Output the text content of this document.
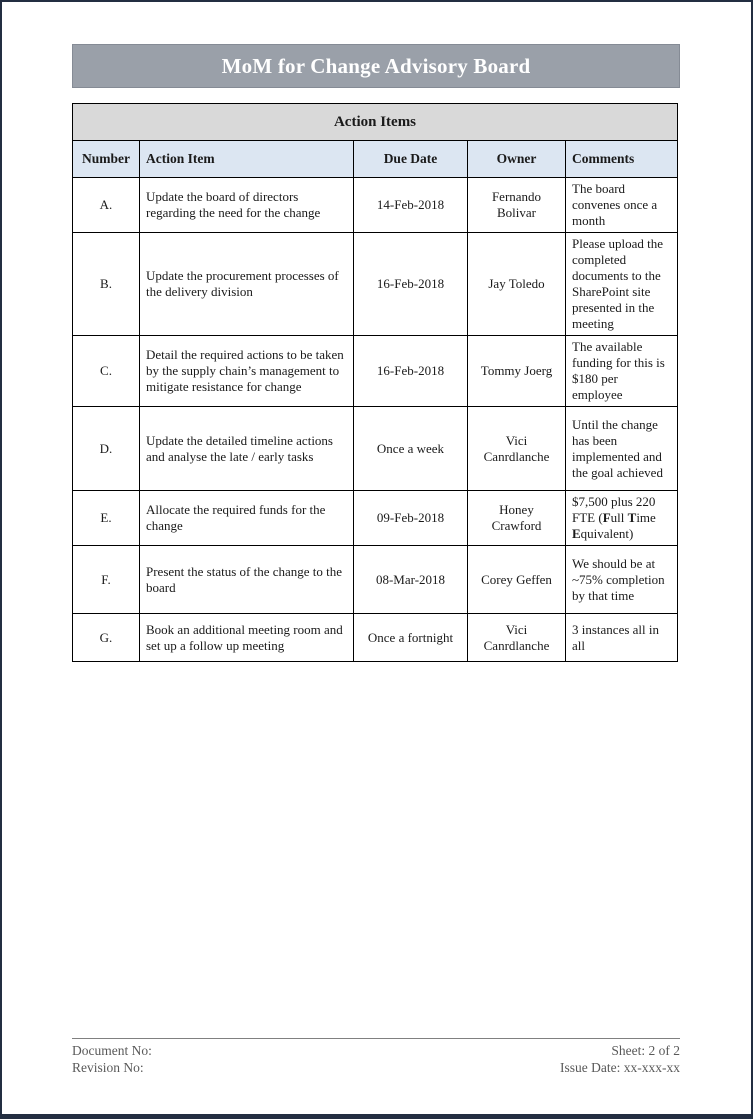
MoM for Change Advisory Board
Action Items				
Number	Action Item	Due Date	Owner	Comments
A.	Update the board of directors regarding the need for the change	14-Feb-2018	Fernando Bolivar	The board convenes once a month
B.	Update the procurement processes of the delivery division	16-Feb-2018	Jay Toledo	Please upload the completed documents to the SharePoint site presented in the meeting
C.	Detail the required actions to be taken by the supply chain’s management to mitigate resistance for change	16-Feb-2018	Tommy Joerg	The available funding for this is $180 per employee
D.	Update the detailed timeline actions and analyse the late / early tasks	Once a week	Vici Canrdlanche	Until the change has been implemented and the goal achieved
E.	Allocate the required funds for the change	09-Feb-2018	Honey Crawford	$7,500 plus 220 FTE (Full Time Equivalent)
F.	Present the status of the change to the board	08-Mar-2018	Corey Geffen	We should be at ~75% completion by that time
G.	Book an additional meeting room and set up a follow up meeting	Once a fortnight	Vici Canrdlanche	3 instances all in all
Document No:
Revision No:
Sheet: 2 of 2
Issue Date: xx-xxx-xx
